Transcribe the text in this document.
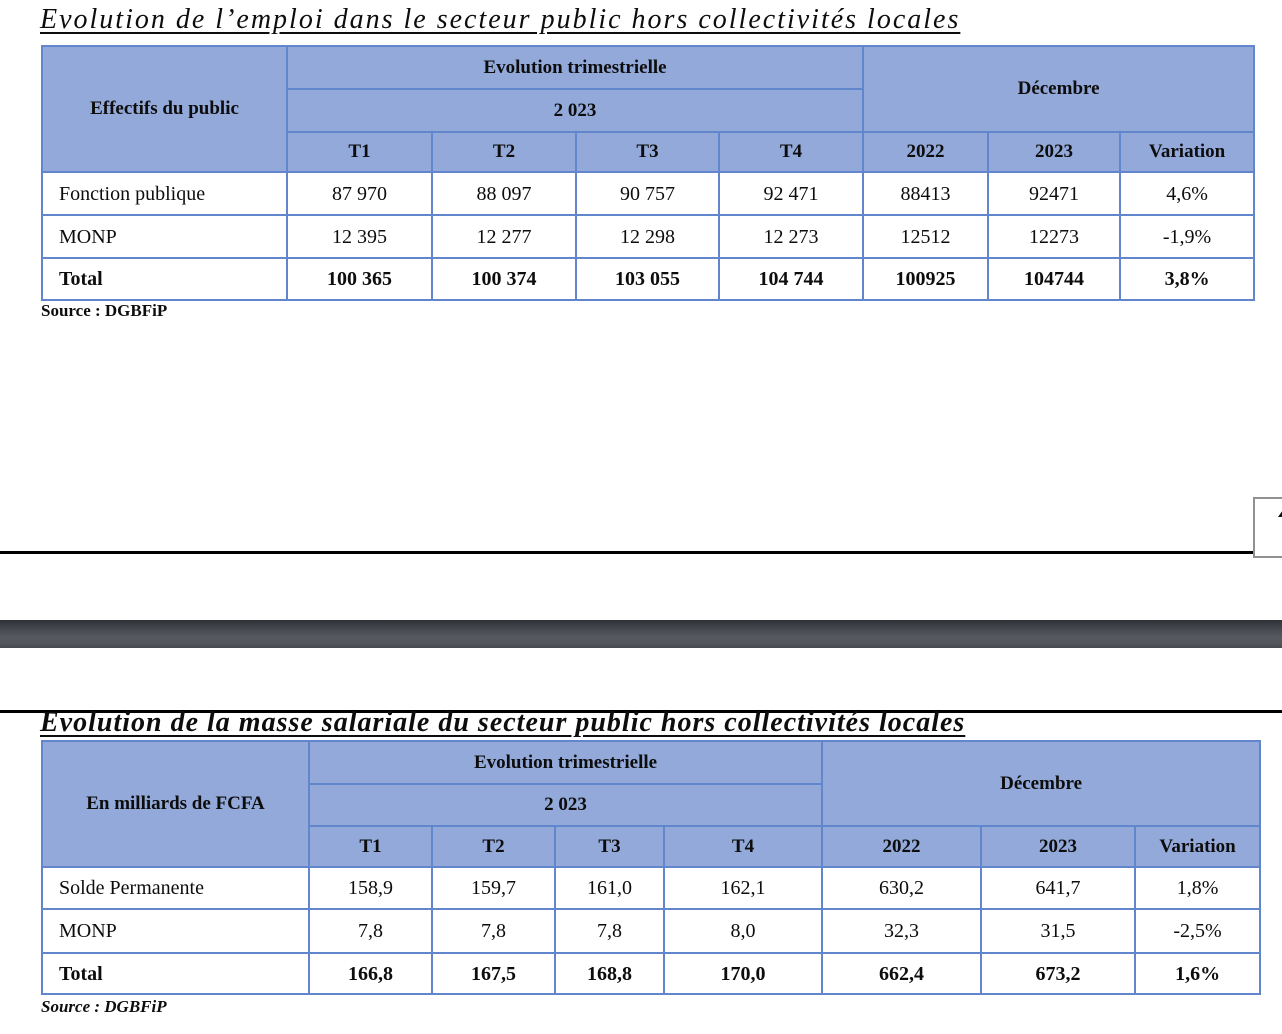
Evolution de l’emploi dans le secteur public hors collectivités locales
Effectifs du public	Evolution trimestrielle				Décembre		
	2 023						
	T1	T2	T3	T4	2022	2023	Variation
Fonction publique	87 970	88 097	90 757	92 471	88413	92471	4,6%
MONP	12 395	12 277	12 298	12 273	12512	12273	-1,9%
Total	100 365	100 374	103 055	104 744	100925	104744	3,8%
Source : DGBFiP
Evolution de la masse salariale du secteur public hors collectivités locales
En milliards de FCFA	Evolution trimestrielle				Décembre		
	2 023						
	T1	T2	T3	T4	2022	2023	Variation
Solde Permanente	158,9	159,7	161,0	162,1	630,2	641,7	1,8%
MONP	7,8	7,8	7,8	8,0	32,3	31,5	-2,5%
Total	166,8	167,5	168,8	170,0	662,4	673,2	1,6%
Source : DGBFiP
